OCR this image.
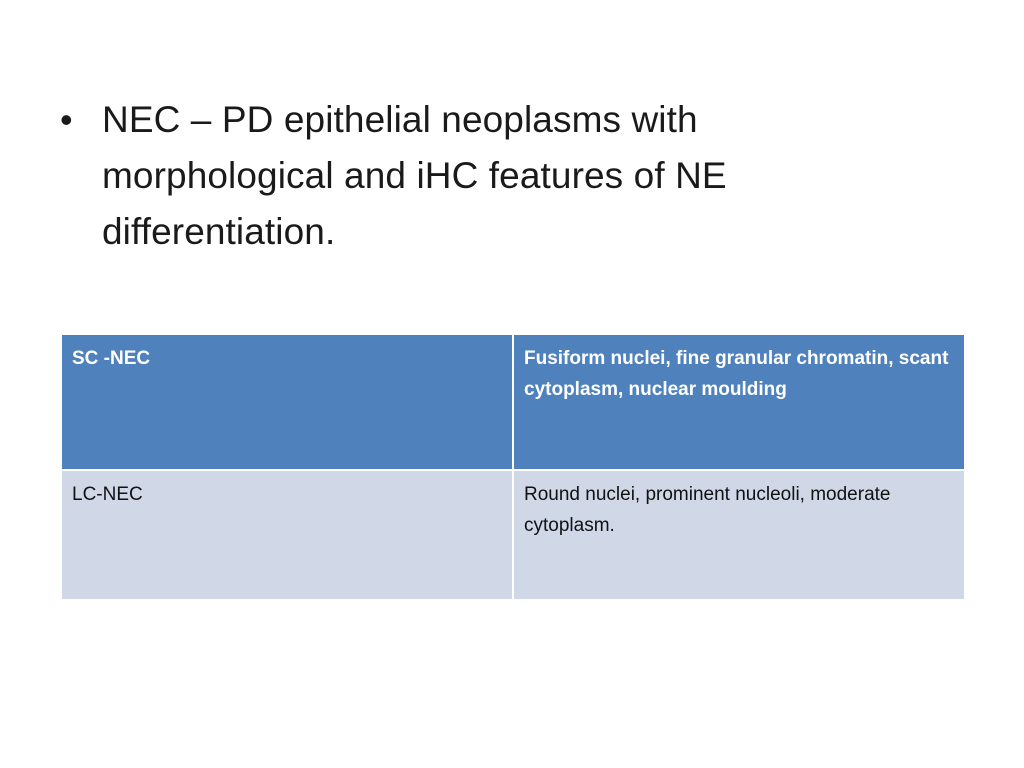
• NEC – PD epithelial neoplasms with morphological and iHC features of NE differentiation.
SC -NEC	Fusiform nuclei, fine granular chromatin, scant cytoplasm, nuclear moulding
LC-NEC	Round nuclei, prominent nucleoli, moderate cytoplasm.
